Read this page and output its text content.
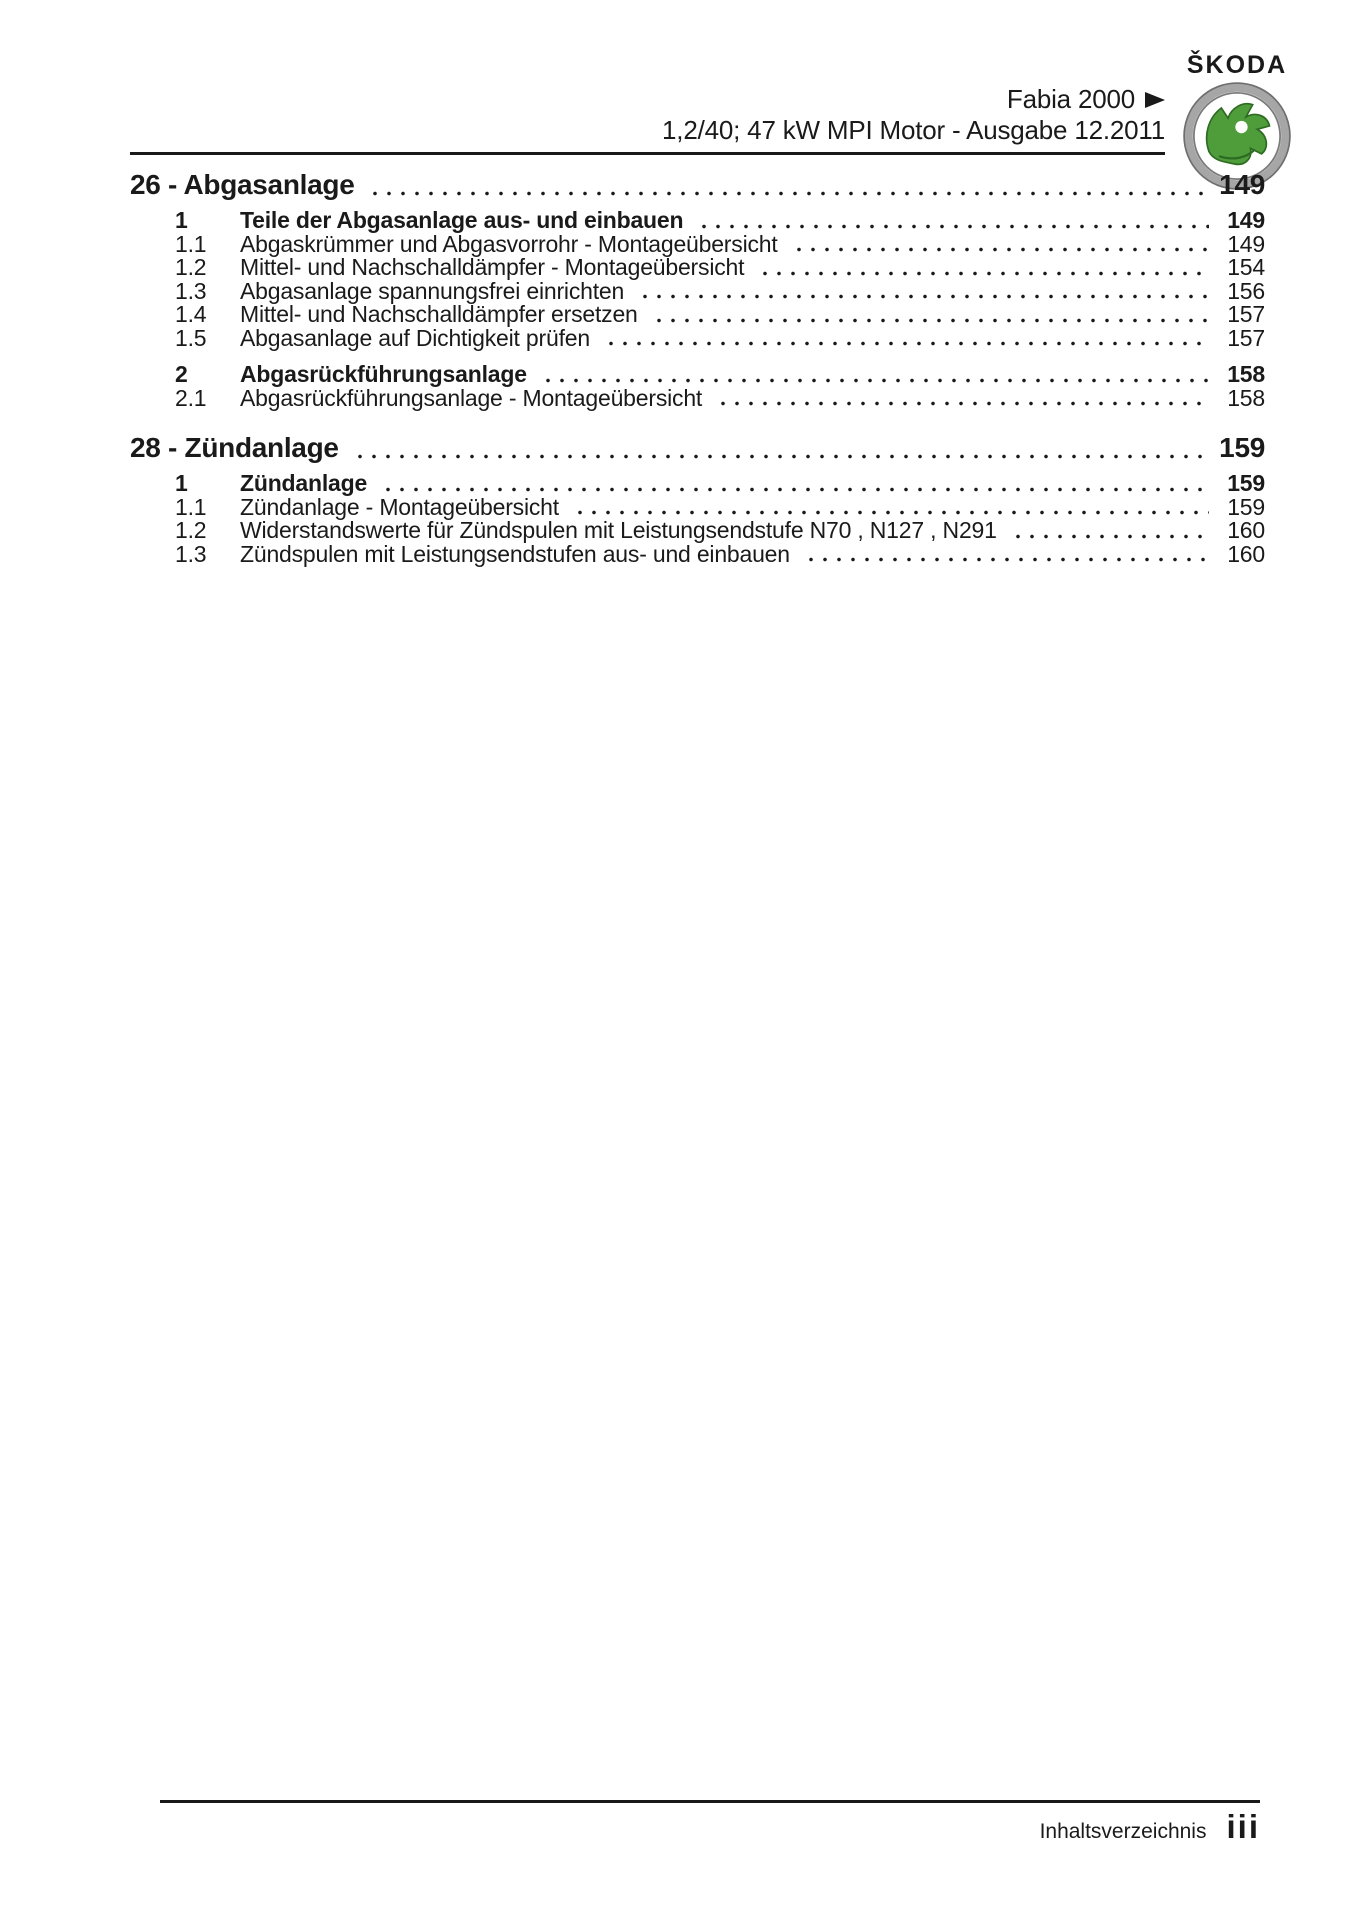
Fabia 2000
1,2/40; 47 kW MPI Motor - Ausgabe 12.2011
ŠKODA
26 - Abgasanlage	149
1	Teile der Abgasanlage aus- und einbauen	149
1.1	Abgaskrümmer und Abgasvorrohr - Montageübersicht	149
1.2	Mittel- und Nachschalldämpfer - Montageübersicht	154
1.3	Abgasanlage spannungsfrei einrichten	156
1.4	Mittel- und Nachschalldämpfer ersetzen	157
1.5	Abgasanlage auf Dichtigkeit prüfen	157
2	Abgasrückführungsanlage	158
2.1	Abgasrückführungsanlage - Montageübersicht	158
28 - Zündanlage	159
1	Zündanlage	159
1.1	Zündanlage - Montageübersicht	159
1.2	Widerstandswerte für Zündspulen mit Leistungsendstufe N70 , N127 , N291	160
1.3	Zündspulen mit Leistungsendstufen aus- und einbauen	160
Inhaltsverzeichnis iii
